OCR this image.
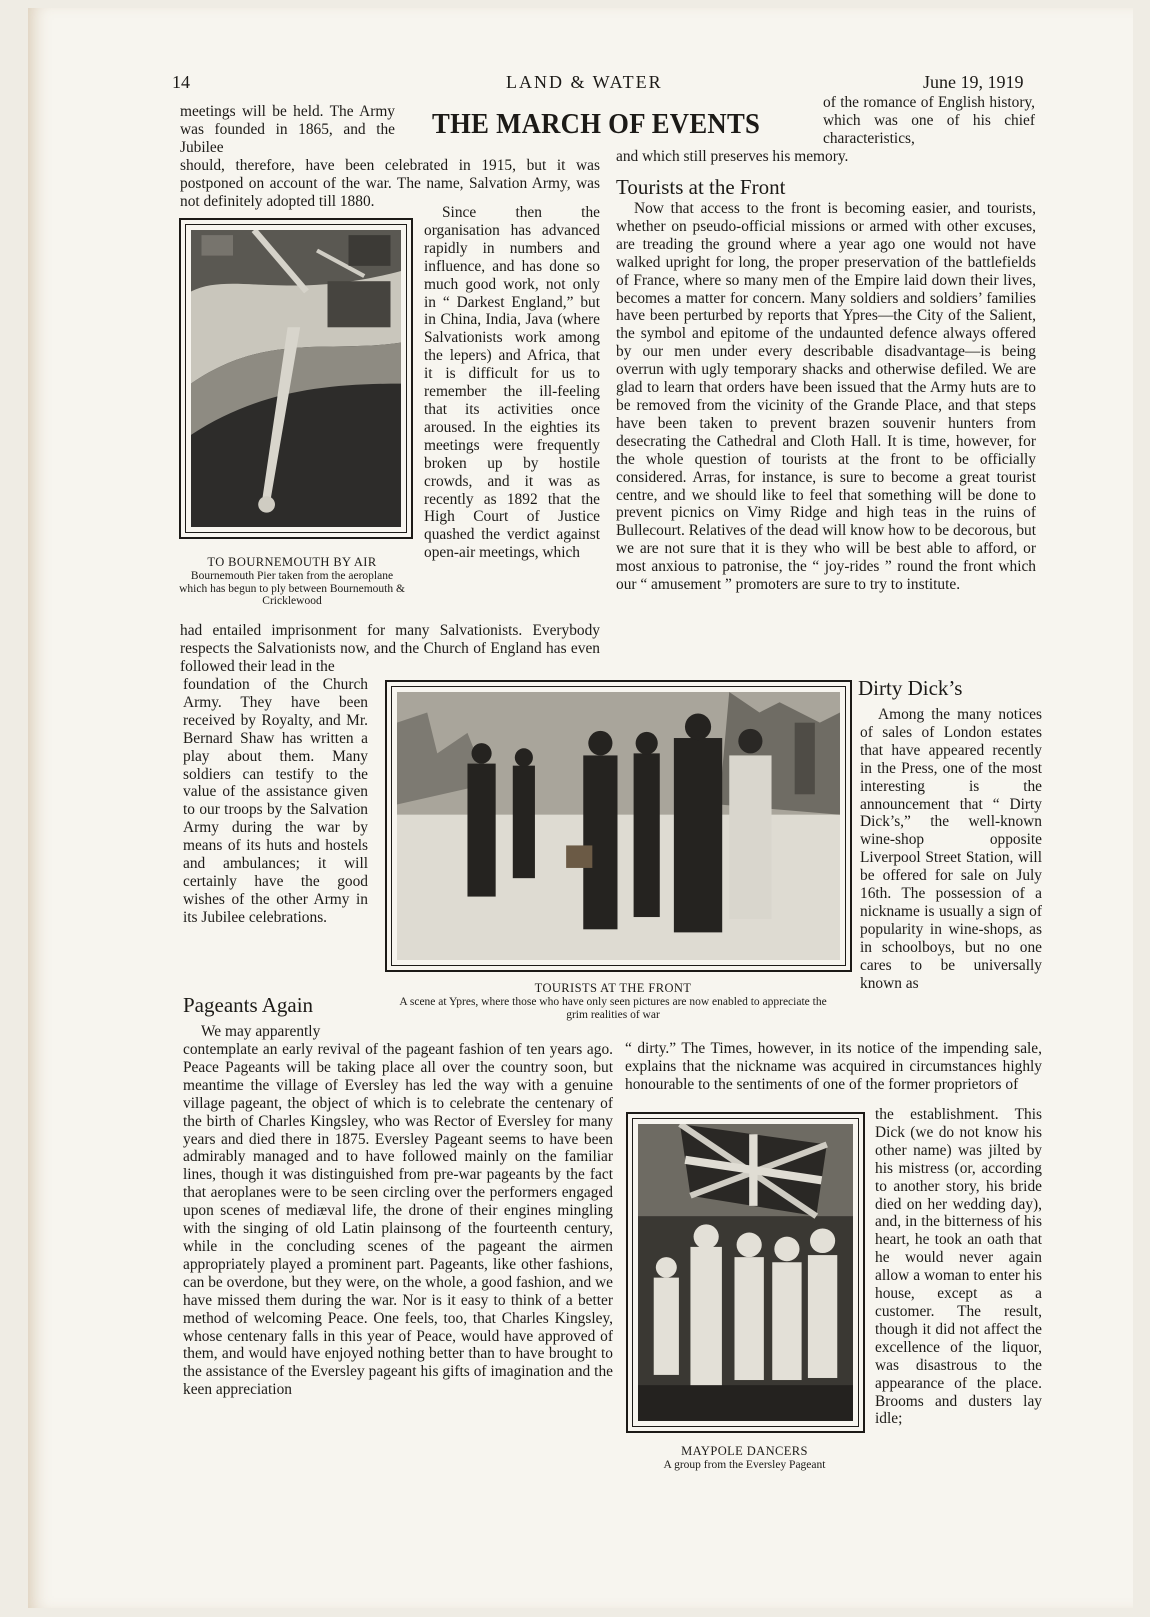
14	LAND & WATER	June 19, 1919
THE MARCH OF EVENTS

meetings will be held. The Army was founded in 1865, and the Jubilee

should, therefore, have been celebrated in 1915, but it was postponed on account of the war. The name, Salvation Army, was not definitely adopted till 1880.

TO BOURNEMOUTH BY AIR
Bournemouth Pier taken from the aeroplane which has begun to ply between Bournemouth & Cricklewood

Since then the organisation has advanced rapidly in numbers and influence, and has done so much good work, not only in “ Darkest England,” but in China, India, Java (where Salvationists work among the lepers) and Africa, that it is difficult for us to remember the ill-feeling that its activities once aroused. In the eighties its meetings were frequently broken up by hostile crowds, and it was as recently as 1892 that the High Court of Justice quashed the verdict against open-air meetings, which

had entailed imprisonment for many Salvationists. Everybody respects the Salvationists now, and the Church of England has even followed their lead in the

foundation of the Church Army. They have been received by Royalty, and Mr. Bernard Shaw has written a play about them. Many soldiers can testify to the value of the assistance given to our troops by the Salvation Army during the war by means of its huts and hostels and ambulances; it will certainly have the good wishes of the other Army in its Jubilee celebrations.

Pageants Again
We may apparently

contemplate an early revival of the pageant fashion of ten years ago. Peace Pageants will be taking place all over the country soon, but meantime the village of Eversley has led the way with a genuine village pageant, the object of which is to celebrate the centenary of the birth of Charles Kingsley, who was Rector of Eversley for many years and died there in 1875. Eversley Pageant seems to have been admirably managed and to have followed mainly on the familiar lines, though it was distinguished from pre-war pageants by the fact that aeroplanes were to be seen circling over the performers engaged upon scenes of mediæval life, the drone of their engines mingling with the singing of old Latin plainsong of the fourteenth century, while in the concluding scenes of the pageant the airmen appropriately played a prominent part. Pageants, like other fashions, can be overdone, but they were, on the whole, a good fashion, and we have missed them during the war. Nor is it easy to think of a better method of welcoming Peace. One feels, too, that Charles Kingsley, whose centenary falls in this year of Peace, would have approved of them, and would have enjoyed nothing better than to have brought to the assistance of the Eversley pageant his gifts of imagination and the keen appreciation

of the romance of English history, which was one of his chief characteristics,

and which still preserves his memory.

Tourists at the Front

Now that access to the front is becoming easier, and tourists, whether on pseudo-official missions or armed with other excuses, are treading the ground where a year ago one would not have walked upright for long, the proper preservation of the battlefields of France, where so many men of the Empire laid down their lives, becomes a matter for concern. Many soldiers and soldiers’ families have been perturbed by reports that Ypres—the City of the Salient, the symbol and epitome of the undaunted defence always offered by our men under every describable disadvantage—is being overrun with ugly temporary shacks and otherwise defiled. We are glad to learn that orders have been issued that the Army huts are to be removed from the vicinity of the Grande Place, and that steps have been taken to prevent brazen souvenir hunters from desecrating the Cathedral and Cloth Hall. It is time, however, for the whole question of tourists at the front to be officially considered. Arras, for instance, is sure to become a great tourist centre, and we should like to feel that something will be done to prevent picnics on Vimy Ridge and high teas in the ruins of Bullecourt. Relatives of the dead will know how to be decorous, but we are not sure that it is they who will be best able to afford, or most anxious to patronise, the “ joy-rides ” round the front which our “ amusement ” promoters are sure to try to institute.

TOURISTS AT THE FRONT
A scene at Ypres, where those who have only seen pictures are now enabled to appreciate the grim realities of war
Dirty Dick’s

Among the many notices of sales of London estates that have appeared recently in the Press, one of the most interesting is the announcement that “ Dirty Dick’s,” the well-known wine-shop opposite Liverpool Street Station, will be offered for sale on July 16th. The possession of a nickname is usually a sign of popularity in wine-shops, as in schoolboys, but no one cares to be universally known as

“ dirty.” The Times, however, in its notice of the impending sale, explains that the nickname was acquired in circumstances highly honourable to the sentiments of one of the former proprietors of

the establishment. This Dick (we do not know his other name) was jilted by his mistress (or, according to another story, his bride died on her wedding day), and, in the bitterness of his heart, he took an oath that he would never again allow a woman to enter his house, except as a customer. The result, though it did not affect the excellence of the liquor, was disastrous to the appearance of the place. Brooms and dusters lay idle;

MAYPOLE DANCERS
A group from the Eversley Pageant
